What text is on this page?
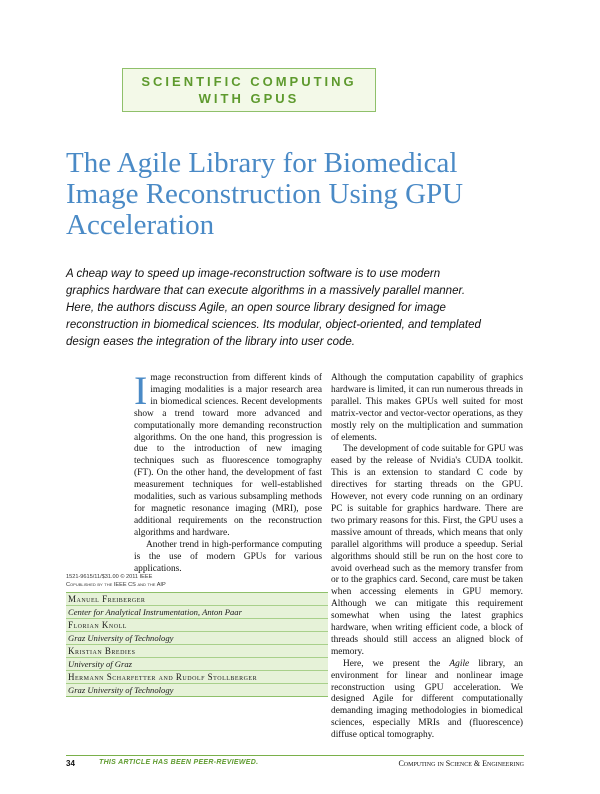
SCIENTIFIC COMPUTING
WITH GPUS
The Agile Library for Biomedical Image Reconstruction Using GPU Acceleration

A cheap way to speed up image-reconstruction software is to use modern graphics hardware that can execute algorithms in a massively parallel manner. Here, the authors discuss Agile, an open source library designed for image reconstruction in biomedical sciences. Its modular, object-oriented, and templated design eases the integration of the library into user code.

Image reconstruction from different kinds of imaging modalities is a major research area in biomedical sciences. Recent developments show a trend toward more advanced and computationally more demanding reconstruction algorithms. On the one hand, this progression is due to the introduction of new imaging techniques such as fluorescence tomography (FT). On the other hand, the development of fast measurement techniques for well-established modalities, such as various subsampling methods for magnetic resonance imaging (MRI), pose additional requirements on the reconstruction algorithms and hardware.

Another trend in high-performance computing is the use of modern GPUs for various applications.

Although the computation capability of graphics hardware is limited, it can run numerous threads in parallel. This makes GPUs well suited for most matrix-vector and vector-vector operations, as they mostly rely on the multiplication and summation of elements.

The development of code suitable for GPU was eased by the release of Nvidia's CUDA toolkit. This is an extension to standard C code by directives for starting threads on the GPU. However, not every code running on an ordinary PC is suitable for graphics hardware. There are two primary reasons for this. First, the GPU uses a massive amount of threads, which means that only parallel algorithms will produce a speedup. Serial algorithms should still be run on the host core to avoid overhead such as the memory transfer from or to the graphics card. Second, care must be taken when accessing elements in GPU memory. Although we can mitigate this requirement somewhat when using the latest graphics hardware, when writing efficient code, a block of threads should still access an aligned block of memory.

Here, we present the Agile library, an environment for linear and nonlinear image reconstruction using GPU acceleration. We designed Agile for different computationally demanding imaging methodologies in biomedical sciences, especially MRIs and (fluorescence) diffuse optical tomography.

1521-9615/11/$31.00 © 2011 IEEE
Copublished by the IEEE CS and the AIP
Manuel Freiberger
Center for Analytical Instrumentation, Anton Paar
Florian Knoll
Graz University of Technology
Kristian Bredies
University of Graz
Hermann Scharfetter and Rudolf Stollberger
Graz University of Technology
34	THIS ARTICLE HAS BEEN PEER-REVIEWED.	Computing in Science & Engineering
